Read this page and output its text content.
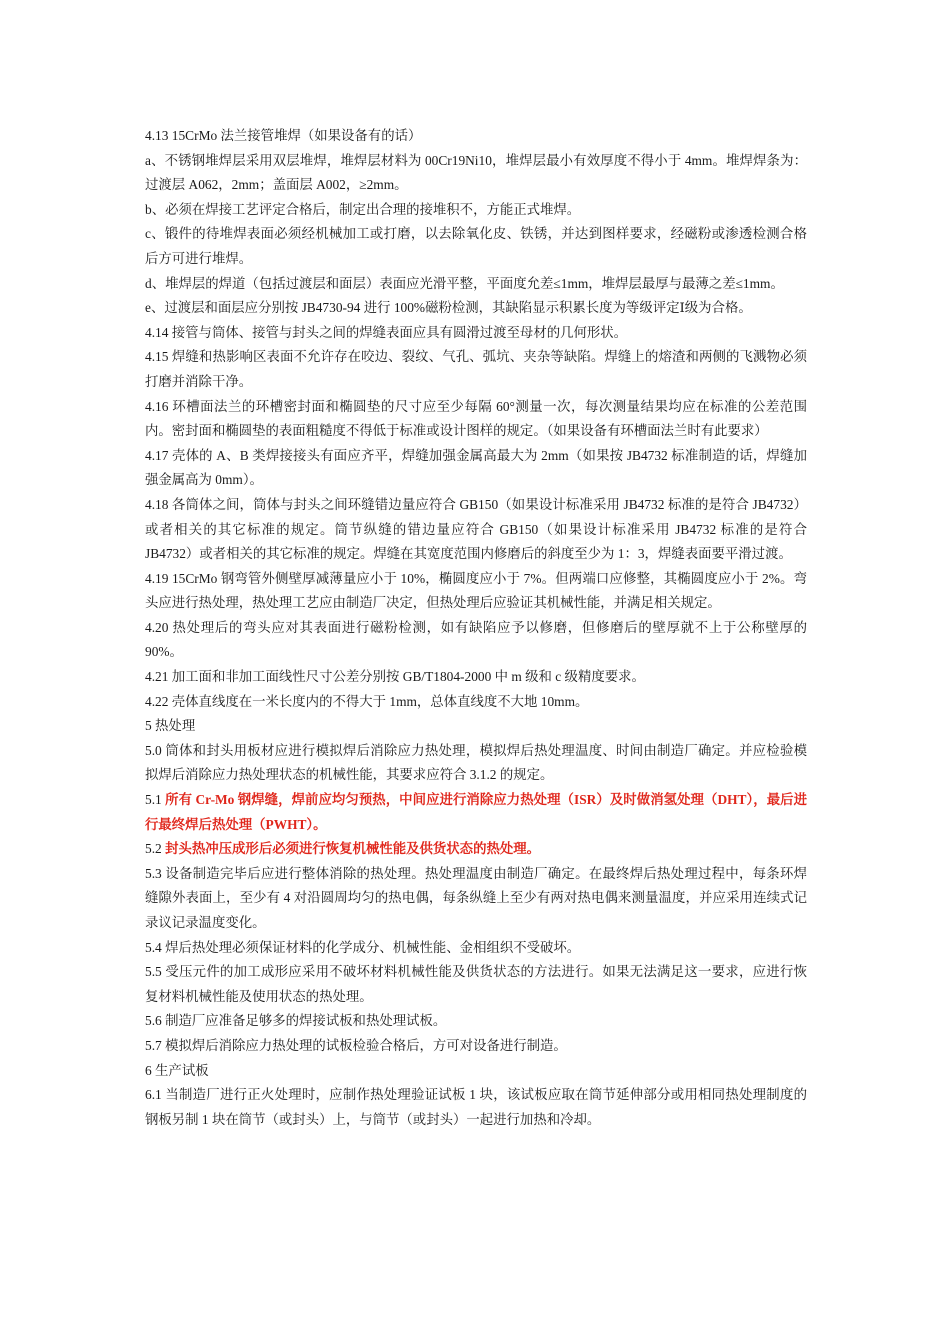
4.13 15CrMo 法兰接管堆焊（如果设备有的话）

a、不锈钢堆焊层采用双层堆焊，堆焊层材料为 00Cr19Ni10，堆焊层最小有效厚度不得小于 4mm。堆焊焊条为：过渡层 A062，2mm；盖面层 A002，≥2mm。

b、必须在焊接工艺评定合格后，制定出合理的接堆积不，方能正式堆焊。

c、锻件的待堆焊表面必须经机械加工或打磨，以去除氧化皮、铁锈，并达到图样要求，经磁粉或渗透检测合格后方可进行堆焊。

d、堆焊层的焊道（包括过渡层和面层）表面应光滑平整，平面度允差≤1mm，堆焊层最厚与最薄之差≤1mm。

e、过渡层和面层应分别按 JB4730-94 进行 100%磁粉检测，其缺陷显示积累长度为等级评定Ⅰ级为合格。

4.14 接管与筒体、接管与封头之间的焊缝表面应具有圆滑过渡至母材的几何形状。

4.15 焊缝和热影响区表面不允许存在咬边、裂纹、气孔、弧坑、夹杂等缺陷。焊缝上的熔渣和两侧的飞溅物必须打磨并消除干净。

4.16 环槽面法兰的环槽密封面和椭圆垫的尺寸应至少每隔 60°测量一次，每次测量结果均应在标准的公差范围内。密封面和椭圆垫的表面粗糙度不得低于标准或设计图样的规定。（如果设备有环槽面法兰时有此要求）

4.17 壳体的 A、B 类焊接接头有面应齐平，焊缝加强金属高最大为 2mm（如果按 JB4732 标准制造的话，焊缝加强金属高为 0mm）。

4.18 各筒体之间，筒体与封头之间环缝错边量应符合 GB150（如果设计标准采用 JB4732 标准的是符合 JB4732）或者相关的其它标准的规定。筒节纵缝的错边量应符合 GB150（如果设计标准采用 JB4732 标准的是符合 JB4732）或者相关的其它标准的规定。焊缝在其宽度范围内修磨后的斜度至少为 1：3，焊缝表面要平滑过渡。

4.19 15CrMo 钢弯管外侧壁厚减薄量应小于 10%，椭圆度应小于 7%。但两端口应修整，其椭圆度应小于 2%。弯头应进行热处理，热处理工艺应由制造厂决定，但热处理后应验证其机械性能，并满足相关规定。

4.20 热处理后的弯头应对其表面进行磁粉检测，如有缺陷应予以修磨，但修磨后的壁厚就不上于公称壁厚的 90%。

4.21 加工面和非加工面线性尺寸公差分别按 GB/T1804-2000 中 m 级和 c 级精度要求。

4.22 壳体直线度在一米长度内的不得大于 1mm，总体直线度不大地 10mm。

5 热处理

5.0 筒体和封头用板材应进行模拟焊后消除应力热处理，模拟焊后热处理温度、时间由制造厂确定。并应检验模拟焊后消除应力热处理状态的机械性能，其要求应符合 3.1.2 的规定。

5.1 所有 Cr-Mo 钢焊缝，焊前应均匀预热，中间应进行消除应力热处理（ISR）及时做消氢处理（DHT），最后进行最终焊后热处理（PWHT）。

5.2 封头热冲压成形后必须进行恢复机械性能及供货状态的热处理。

5.3 设备制造完毕后应进行整体消除的热处理。热处理温度由制造厂确定。在最终焊后热处理过程中，每条环焊缝隙外表面上，至少有 4 对沿圆周均匀的热电偶，每条纵缝上至少有两对热电偶来测量温度，并应采用连续式记录议记录温度变化。

5.4 焊后热处理必须保证材料的化学成分、机械性能、金相组织不受破坏。

5.5 受压元件的加工成形应采用不破坏材料机械性能及供货状态的方法进行。如果无法满足这一要求，应进行恢复材料机械性能及使用状态的热处理。

5.6 制造厂应准备足够多的焊接试板和热处理试板。

5.7 模拟焊后消除应力热处理的试板检验合格后，方可对设备进行制造。

6 生产试板

6.1 当制造厂进行正火处理时，应制作热处理验证试板 1 块，该试板应取在筒节延伸部分或用相同热处理制度的钢板另制 1 块在筒节（或封头）上，与筒节（或封头）一起进行加热和冷却。
